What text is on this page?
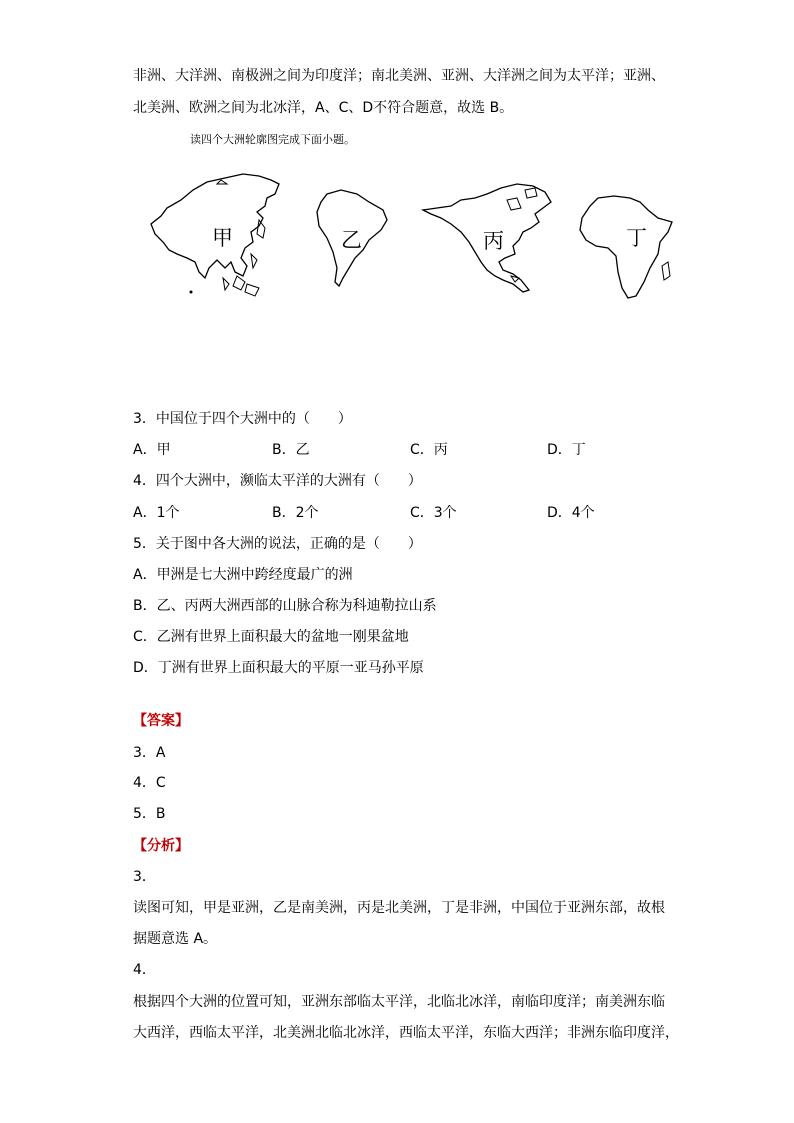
非洲、大洋洲、南极洲之间为印度洋；南北美洲、亚洲、大洋洲之间为太平洋；亚洲、
北美洲、欧洲之间为北冰洋，A、C、D不符合题意，故选 B。
读四个大洲轮廓图完成下面小题。
甲	乙	丙	丁
3．中国位于四个大洲中的（　　）
A．甲	B．乙	C．丙	D．丁
4．四个大洲中，濒临太平洋的大洲有（　　）
A．1个	B．2个	C．3个	D．4个
5．关于图中各大洲的说法，正确的是（　　）
A．甲洲是七大洲中跨经度最广的洲
B．乙、丙两大洲西部的山脉合称为科迪勒拉山系
C．乙洲有世界上面积最大的盆地一刚果盆地
D．丁洲有世界上面积最大的平原一亚马孙平原
【答案】
3．A
4．C
5．B
【分析】
3．
读图可知，甲是亚洲，乙是南美洲，丙是北美洲，丁是非洲，中国位于亚洲东部，故根
据题意选 A。
4．
根据四个大洲的位置可知，亚洲东部临太平洋，北临北冰洋，南临印度洋；南美洲东临
大西洋，西临太平洋，北美洲北临北冰洋，西临太平洋，东临大西洋；非洲东临印度洋，
